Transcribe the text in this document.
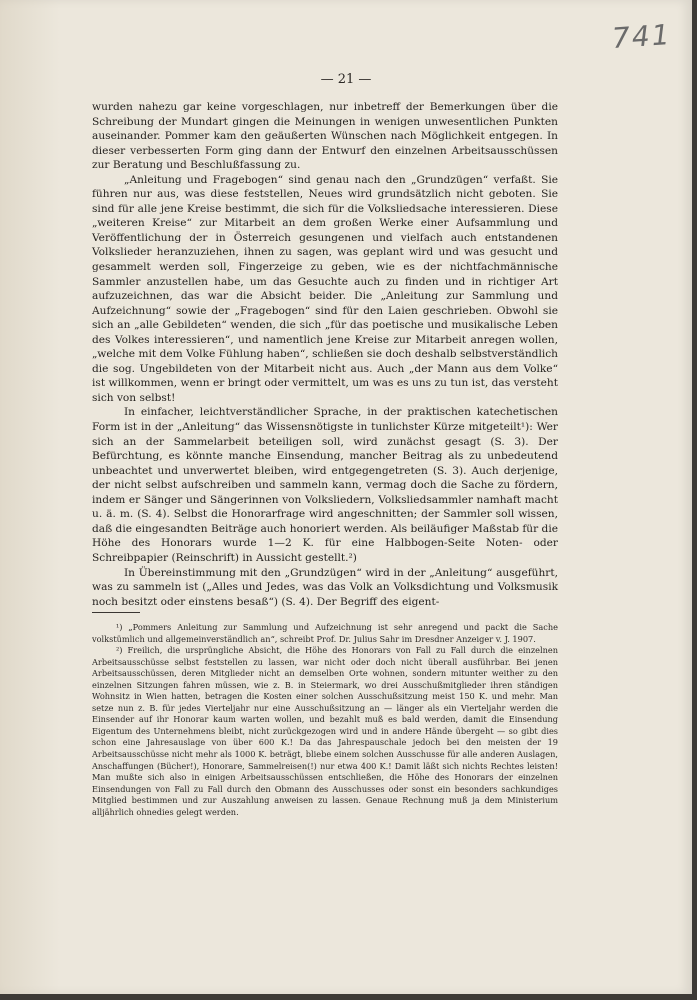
741
— 21 —

wurden nahezu gar keine vorgeschlagen, nur inbetreff der Bemerkungen über die Schreibung der Mundart gingen die Meinungen in wenigen unwesentlichen Punkten auseinander. Pommer kam den geäußerten Wünschen nach Möglichkeit entgegen. In dieser verbesserten Form ging dann der Entwurf den einzelnen Arbeitsausschüssen zur Beratung und Beschlußfassung zu.

„Anleitung und Fragebogen“ sind genau nach den „Grundzügen“ verfaßt. Sie führen nur aus, was diese feststellen, Neues wird grundsätzlich nicht geboten. Sie sind für alle jene Kreise bestimmt, die sich für die Volksliedsache interessieren. Diese „weiteren Kreise“ zur Mitarbeit an dem großen Werke einer Aufsammlung und Veröffentlichung der in Österreich gesungenen und vielfach auch entstandenen Volkslieder heranzuziehen, ihnen zu sagen, was geplant wird und was gesucht und gesammelt werden soll, Fingerzeige zu geben, wie es der nichtfachmännische Sammler anzustellen habe, um das Gesuchte auch zu finden und in richtiger Art aufzuzeichnen, das war die Absicht beider. Die „Anleitung zur Sammlung und Aufzeichnung“ sowie der „Fragebogen“ sind für den Laien geschrieben. Obwohl sie sich an „alle Gebildeten“ wenden, die sich „für das poetische und musikalische Leben des Volkes interessieren“, und namentlich jene Kreise zur Mitarbeit anregen wollen, „welche mit dem Volke Fühlung haben“, schließen sie doch deshalb selbstverständlich die sog. Ungebildeten von der Mitarbeit nicht aus. Auch „der Mann aus dem Volke“ ist willkommen, wenn er bringt oder vermittelt, um was es uns zu tun ist, das versteht sich von selbst!

In einfacher, leichtverständlicher Sprache, in der praktischen katechetischen Form ist in der „Anleitung“ das Wissensnötigste in tunlichster Kürze mitgeteilt¹): Wer sich an der Sammelarbeit beteiligen soll, wird zunächst gesagt (S. 3). Der Befürchtung, es könnte manche Einsendung, mancher Beitrag als zu unbedeutend unbeachtet und unverwertet bleiben, wird entgegengetreten (S. 3). Auch derjenige, der nicht selbst aufschreiben und sammeln kann, vermag doch die Sache zu fördern, indem er Sänger und Sängerinnen von Volksliedern, Volksliedsammler namhaft macht u. ä. m. (S. 4). Selbst die Honorarfrage wird angeschnitten; der Sammler soll wissen, daß die eingesandten Beiträge auch honoriert werden. Als beiläufiger Maßstab für die Höhe des Honorars wurde 1—2 K. für eine Halbbogen-Seite Noten- oder Schreibpapier (Reinschrift) in Aussicht gestellt.²)

In Übereinstimmung mit den „Grundzügen“ wird in der „Anleitung“ ausgeführt, was zu sammeln ist („Alles und Jedes, was das Volk an Volksdichtung und Volksmusik noch besitzt oder einstens besaß“) (S. 4). Der Begriff des eigent-

¹) „Pommers Anleitung zur Sammlung und Aufzeichnung ist sehr anregend und packt die Sache volkstümlich und allgemeinverständlich an“, schreibt Prof. Dr. Julius Sahr im Dresdner Anzeiger v. J. 1907.

²) Freilich, die ursprüngliche Absicht, die Höhe des Honorars von Fall zu Fall durch die einzelnen Arbeitsausschüsse selbst feststellen zu lassen, war nicht oder doch nicht überall ausführbar. Bei jenen Arbeitsausschüssen, deren Mitglieder nicht an demselben Orte wohnen, sondern mitunter weither zu den einzelnen Sitzungen fahren müssen, wie z. B. in Steiermark, wo drei Ausschußmitglieder ihren ständigen Wohnsitz in Wien hatten, betragen die Kosten einer solchen Ausschußsitzung meist 150 K. und mehr. Man setze nun z. B. für jedes Vierteljahr nur eine Ausschußsitzung an — länger als ein Vierteljahr werden die Einsender auf ihr Honorar kaum warten wollen, und bezahlt muß es bald werden, damit die Einsendung Eigentum des Unternehmens bleibt, nicht zurückgezogen wird und in andere Hände übergeht — so gibt dies schon eine Jahresauslage von über 600 K.! Da das Jahrespauschale jedoch bei den meisten der 19 Arbeitsausschüsse nicht mehr als 1000 K. beträgt, bliebe einem solchen Ausschusse für alle anderen Auslagen, Anschaffungen (Bücher!), Honorare, Sammelreisen(!) nur etwa 400 K.! Damit läßt sich nichts Rechtes leisten! Man mußte sich also in einigen Arbeitsausschüssen entschließen, die Höhe des Honorars der einzelnen Einsendungen von Fall zu Fall durch den Obmann des Ausschusses oder sonst ein besonders sachkundiges Mitglied bestimmen und zur Auszahlung anweisen zu lassen. Genaue Rechnung muß ja dem Ministerium alljährlich ohnedies gelegt werden.
